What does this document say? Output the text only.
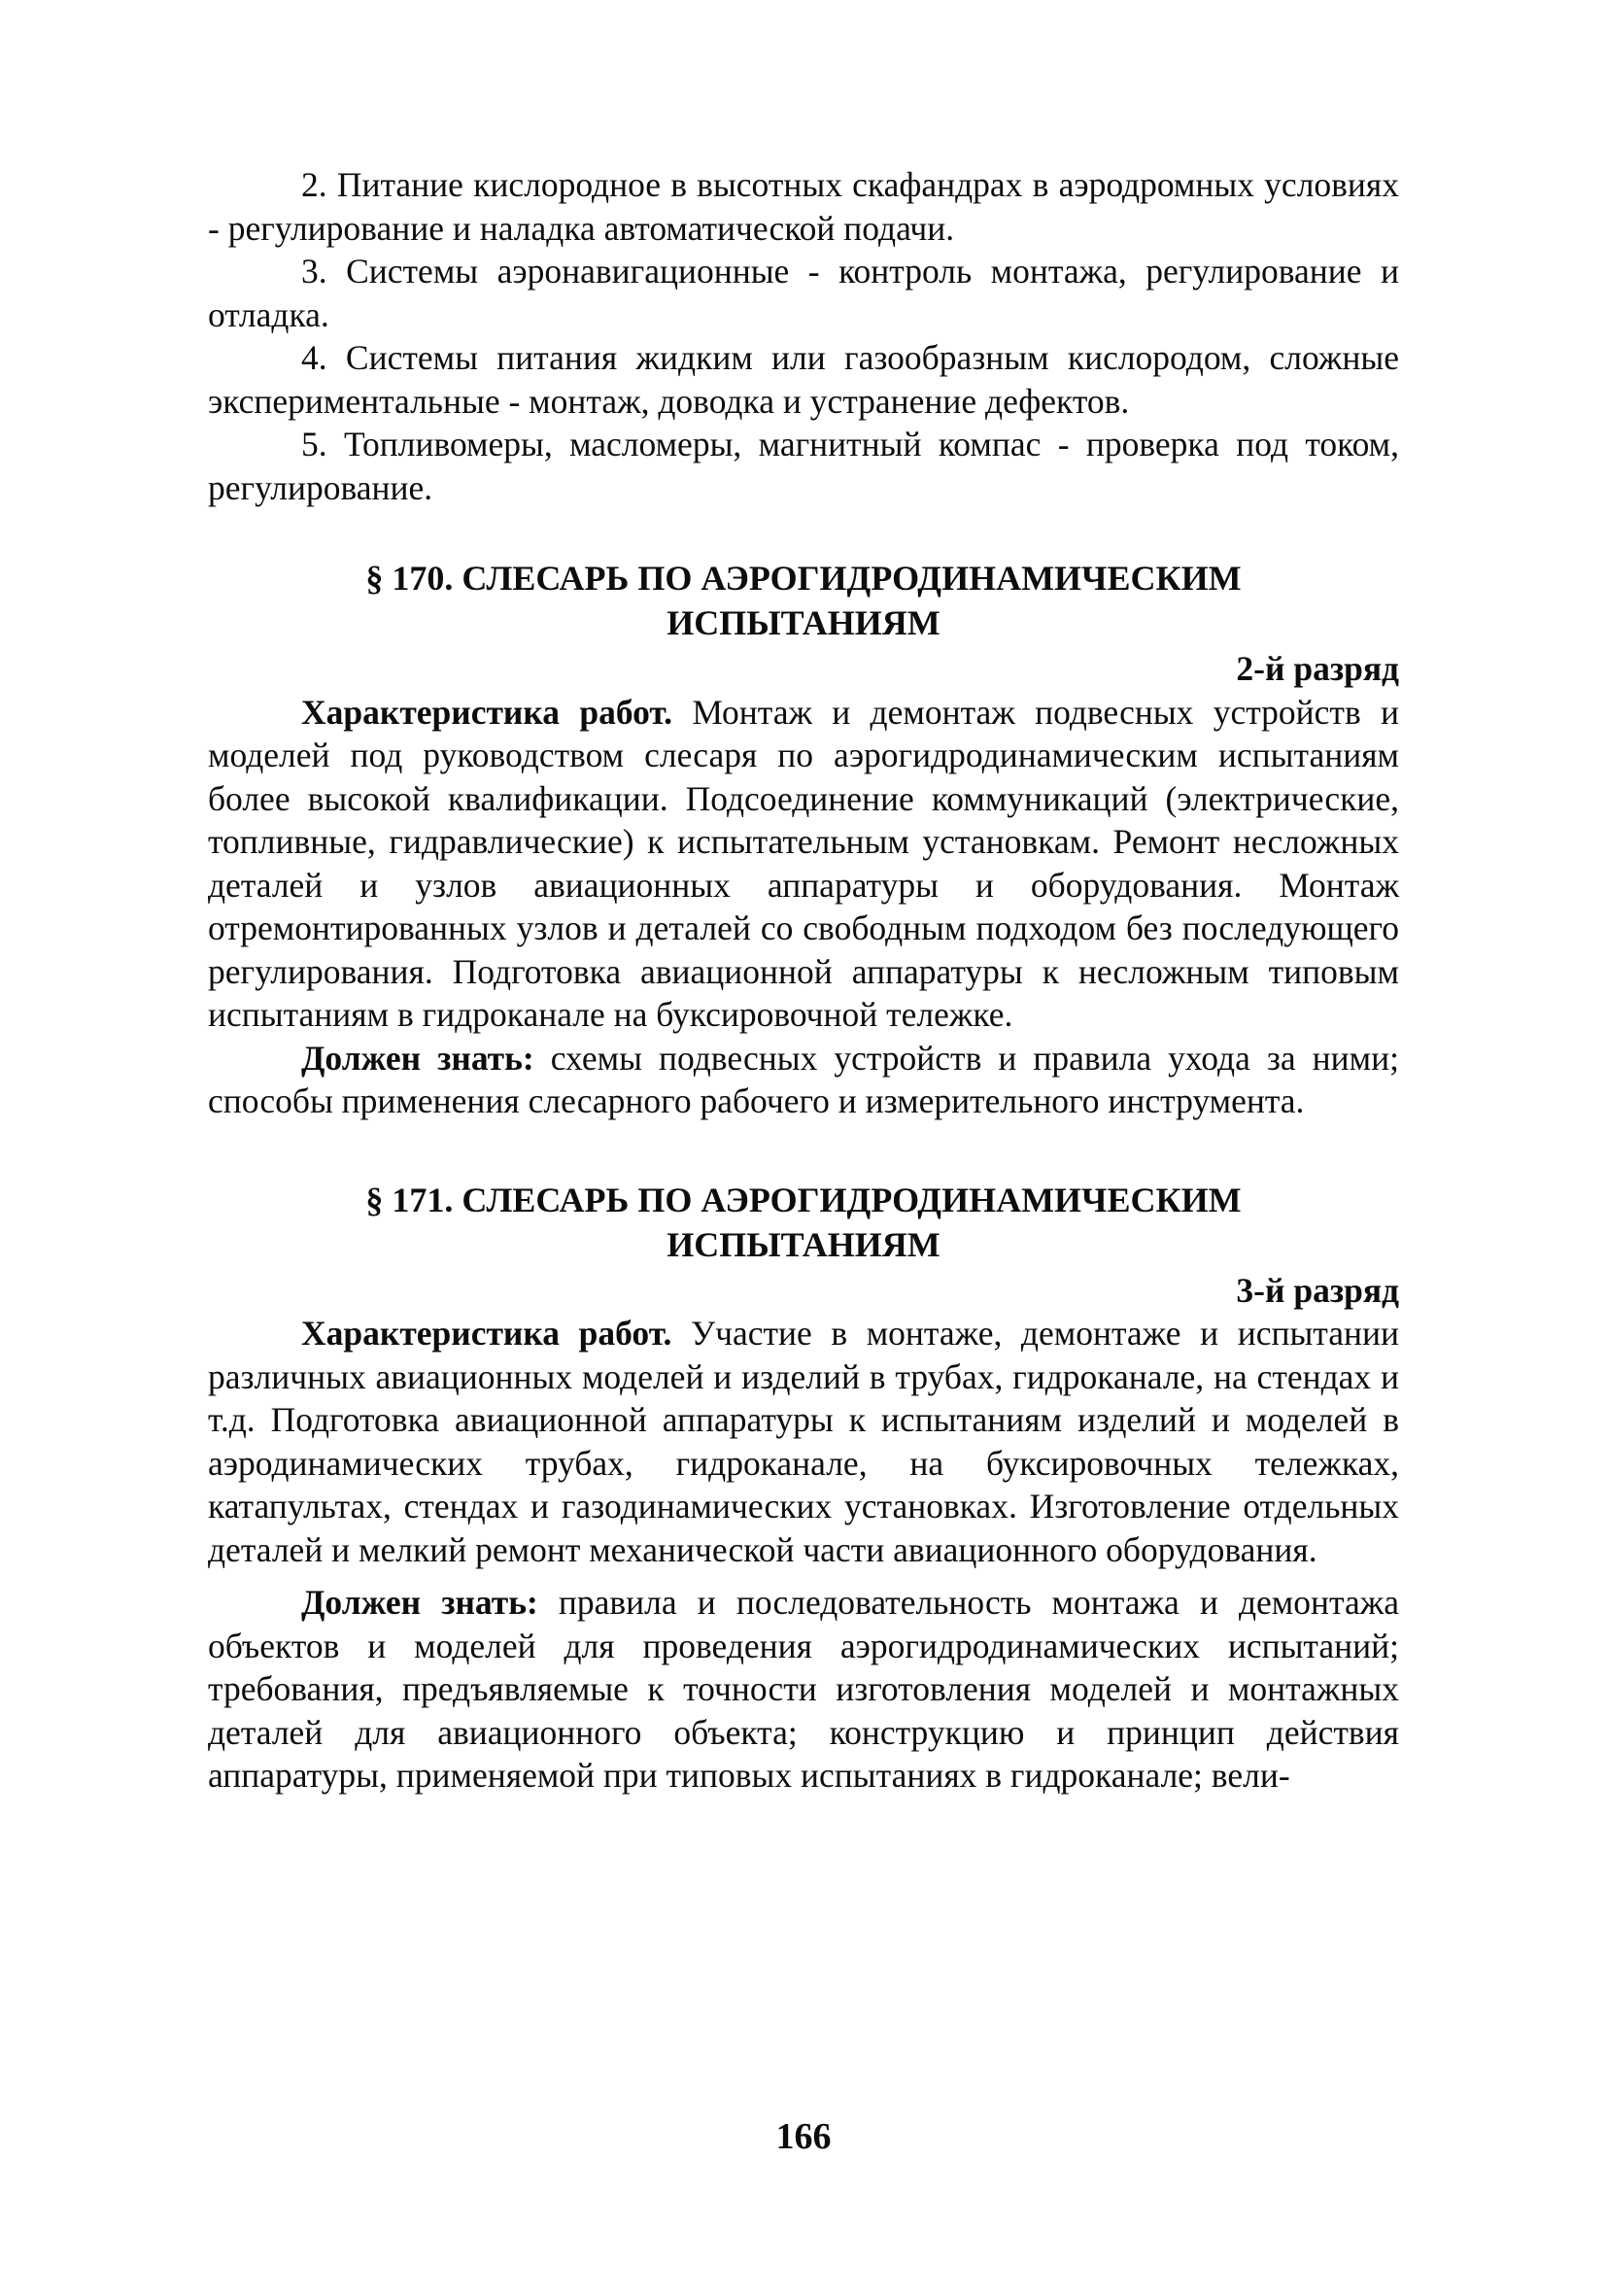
2. Питание кислородное в высотных скафандрах в аэродромных условиях - регулирование и наладка автоматической подачи.

3. Системы аэронавигационные - контроль монтажа, регулирование и отладка.

4. Системы питания жидким или газообразным кислородом, сложные экспериментальные - монтаж, доводка и устранение дефектов.

5. Топливомеры, масломеры, магнитный компас - проверка под током, регулирование.

§ 170. СЛЕСАРЬ ПО АЭРОГИДРОДИНАМИЧЕСКИМ
ИСПЫТАНИЯМ

2-й разряд

Характеристика работ. Монтаж и демонтаж подвесных устройств и моделей под руководством слесаря по аэрогидродинамическим испытаниям более высокой квалификации. Подсоединение коммуникаций (электрические, топливные, гидравлические) к испытательным установкам. Ремонт несложных деталей и узлов авиационных аппаратуры и оборудования. Монтаж отремонтированных узлов и деталей со свободным подходом без последующего регулирования. Подготовка авиационной аппаратуры к несложным типовым испытаниям в гидроканале на буксировочной тележке.

Должен знать: схемы подвесных устройств и правила ухода за ними; способы применения слесарного рабочего и измерительного инструмента.

§ 171. СЛЕСАРЬ ПО АЭРОГИДРОДИНАМИЧЕСКИМ
ИСПЫТАНИЯМ

3-й разряд

Характеристика работ. Участие в монтаже, демонтаже и испытании различных авиационных моделей и изделий в трубах, гидроканале, на стендах и т.д. Подготовка авиационной аппаратуры к испытаниям изделий и моделей в аэродинамических трубах, гидроканале, на буксировочных тележках, катапультах, стендах и газодинамических установках. Изготовление отдельных деталей и мелкий ремонт механической части авиационного оборудования.

Должен знать: правила и последовательность монтажа и демонтажа объектов и моделей для проведения аэрогидродинамических испытаний; требования, предъявляемые к точности изготовления моделей и монтажных деталей для авиационного объекта; конструкцию и принцип действия аппаратуры, применяемой при типовых испытаниях в гидроканале; вели-

166
